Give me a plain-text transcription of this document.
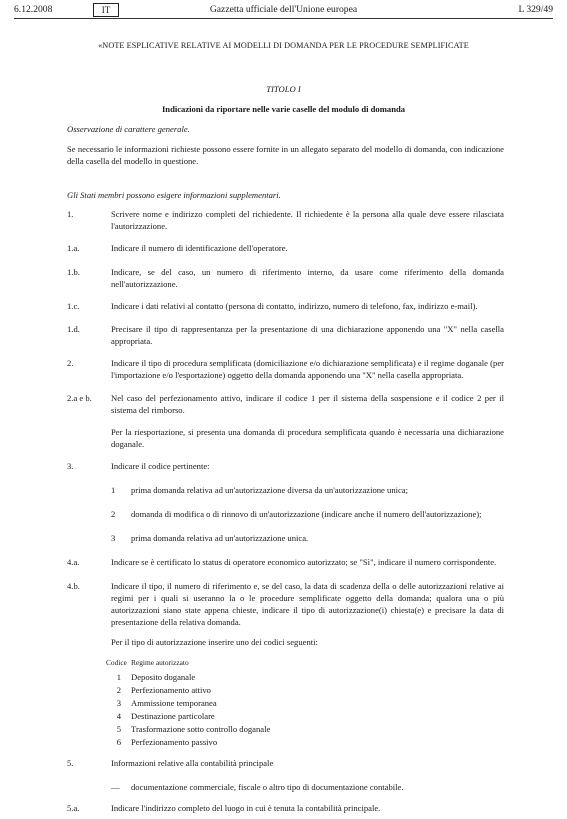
6.12.2008	IT	Gazzetta ufficiale dell'Unione europea	L 329/49
«NOTE ESPLICATIVE RELATIVE AI MODELLI DI DOMANDA PER LE PROCEDURE SEMPLIFICATE
TITOLO I
Indicazioni da riportare nelle varie caselle del modulo di domanda
Osservazione di carattere generale.
Se necessario le informazioni richieste possono essere fornite in un allegato separato del modello di domanda, con indicazione della casella del modello in questione.
Gli Stati membri possono esigere informazioni supplementari.
1.	Scrivere nome e indirizzo completi del richiedente. Il richiedente è la persona alla quale deve essere rilasciata l'autorizzazione.
1.a.	Indicare il numero di identificazione dell'operatore.
1.b.	Indicare, se del caso, un numero di riferimento interno, da usare come riferimento della domanda nell'autorizzazione.
1.c.	Indicare i dati relativi al contatto (persona di contatto, indirizzo, numero di telefono, fax, indirizzo e-mail).
1.d.	Precisare il tipo di rappresentanza per la presentazione di una dichiarazione apponendo una "X" nella casella appropriata.
2.	Indicare il tipo di procedura semplificata (domiciliazione e/o dichiarazione semplificata) e il regime doganale (per l'importazione e/o l'esportazione) oggetto della domanda apponendo una "X" nella casella appropriata.
2.a e b. Nel caso del perfezionamento attivo, indicare il codice 1 per il sistema della sospensione e il codice 2 per il sistema del rimborso.
Per la riesportazione, si presenta una domanda di procedura semplificata quando è necessaria una dichiarazione doganale.
3.	Indicare il codice pertinente:
1 prima domanda relativa ad un'autorizzazione diversa da un'autorizzazione unica;
2 domanda di modifica o di rinnovo di un'autorizzazione (indicare anche il numero dell'autorizzazione);
3 prima domanda relativa ad un'autorizzazione unica.
4.a.	Indicare se è certificato lo status di operatore economico autorizzato; se "Sì", indicare il numero corrispondente.
4.b.	Indicare il tipo, il numero di riferimento e, se del caso, la data di scadenza della o delle autorizzazioni relative ai regimi per i quali si useranno la o le procedure semplificate oggetto della domanda; qualora una o più autorizzazioni siano state appena chieste, indicare il tipo di autorizzazione(i) chiesta(e) e precisare la data di presentazione della relativa domanda.
Per il tipo di autorizzazione inserire uno dei codici seguenti:
Codice Regime autorizzato
1 Deposito doganale
2 Perfezionamento attivo
3 Ammissione temporanea
4 Destinazione particolare
5 Trasformazione sotto controllo doganale
6 Perfezionamento passivo
5.	Informazioni relative alla contabilità principale
— documentazione commerciale, fiscale o altro tipo di documentazione contabile.
5.a.	Indicare l'indirizzo completo del luogo in cui è tenuta la contabilità principale.
